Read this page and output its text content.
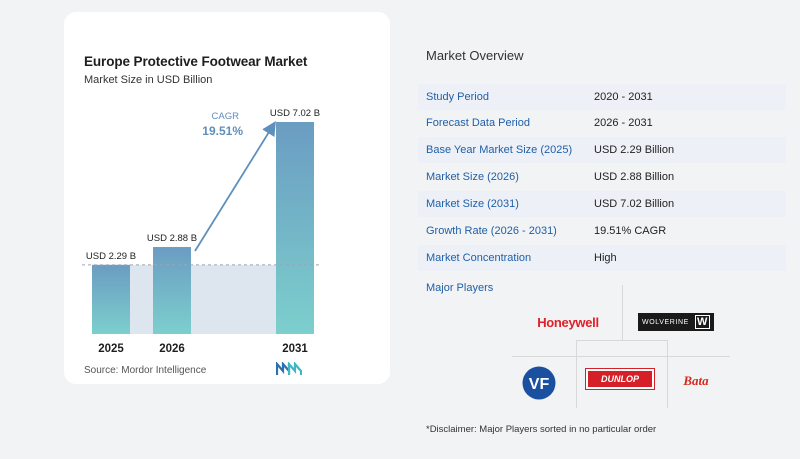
Europe Protective Footwear Market
Market Size in USD Billion
USD 2.29 B
2025
USD 2.88 B
2026
USD 7.02 B
2031
CAGR
19.51%
Source: Mordor Intelligence
Market Overview
Study Period	2020 - 2031
Forecast Data Period	2026 - 2031
Base Year Market Size (2025) USD 2.29 Billion
Market Size (2026)	USD 2.88 Billion
Market Size (2031)	USD 7.02 Billion
Growth Rate (2026 - 2031)	19.51% CAGR
Market Concentration	High
Major Players
Honeywell	WOLVERINE W
VF	DUNLOP	Bata
*Disclaimer: Major Players sorted in no particular order
